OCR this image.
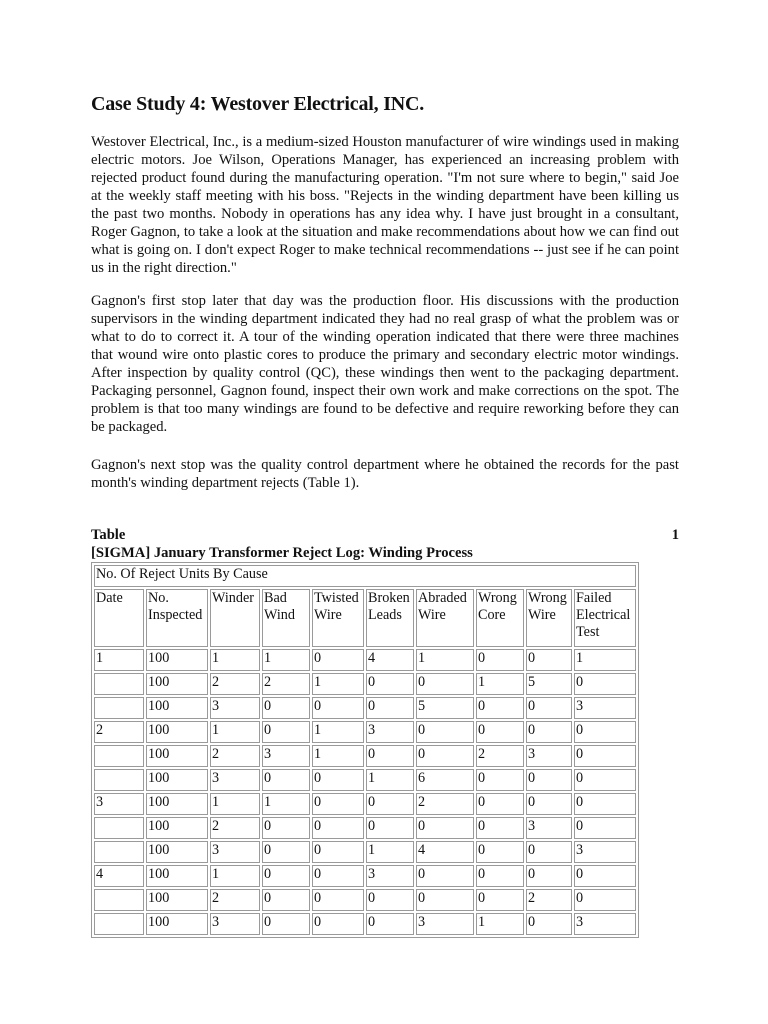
Case Study 4: Westover Electrical, INC.

Westover Electrical, Inc., is a medium-sized Houston manufacturer of wire windings used in making electric motors. Joe Wilson, Operations Manager, has experienced an increasing problem with rejected product found during the manufacturing operation. "I'm not sure where to begin," said Joe at the weekly staff meeting with his boss. "Rejects in the winding department have been killing us the past two months. Nobody in operations has any idea why. I have just brought in a consultant, Roger Gagnon, to take a look at the situation and make recommendations about how we can find out what is going on. I don't expect Roger to make technical recommendations -- just see if he can point us in the right direction."

Gagnon's first stop later that day was the production floor. His discussions with the production supervisors in the winding department indicated they had no real grasp of what the problem was or what to do to correct it. A tour of the winding operation indicated that there were three machines that wound wire onto plastic cores to produce the primary and secondary electric motor windings. After inspection by quality control (QC), these windings then went to the packaging department. Packaging personnel, Gagnon found, inspect their own work and make corrections on the spot. The problem is that too many windings are found to be defective and require reworking before they can be packaged.

Gagnon's next stop was the quality control department where he obtained the records for the past month's winding department rejects (Table 1).

Table	1
[SIGMA] January Transformer Reject Log: Winding Process
No. Of Reject Units By Cause									
Date	No. Inspected	Winder	Bad Wind	Twisted Wire	Broken Leads	Abraded Wire	Wrong Core	Wrong Wire	Failed Electrical Test
1	100	1	1	0	4	1	0	0	1
	100	2	2	1	0	0	1	5	0
	100	3	0	0	0	5	0	0	3
2	100	1	0	1	3	0	0	0	0
	100	2	3	1	0	0	2	3	0
	100	3	0	0	1	6	0	0	0
3	100	1	1	0	0	2	0	0	0
	100	2	0	0	0	0	0	3	0
	100	3	0	0	1	4	0	0	3
4	100	1	0	0	3	0	0	0	0
	100	2	0	0	0	0	0	2	0
	100	3	0	0	0	3	1	0	3
